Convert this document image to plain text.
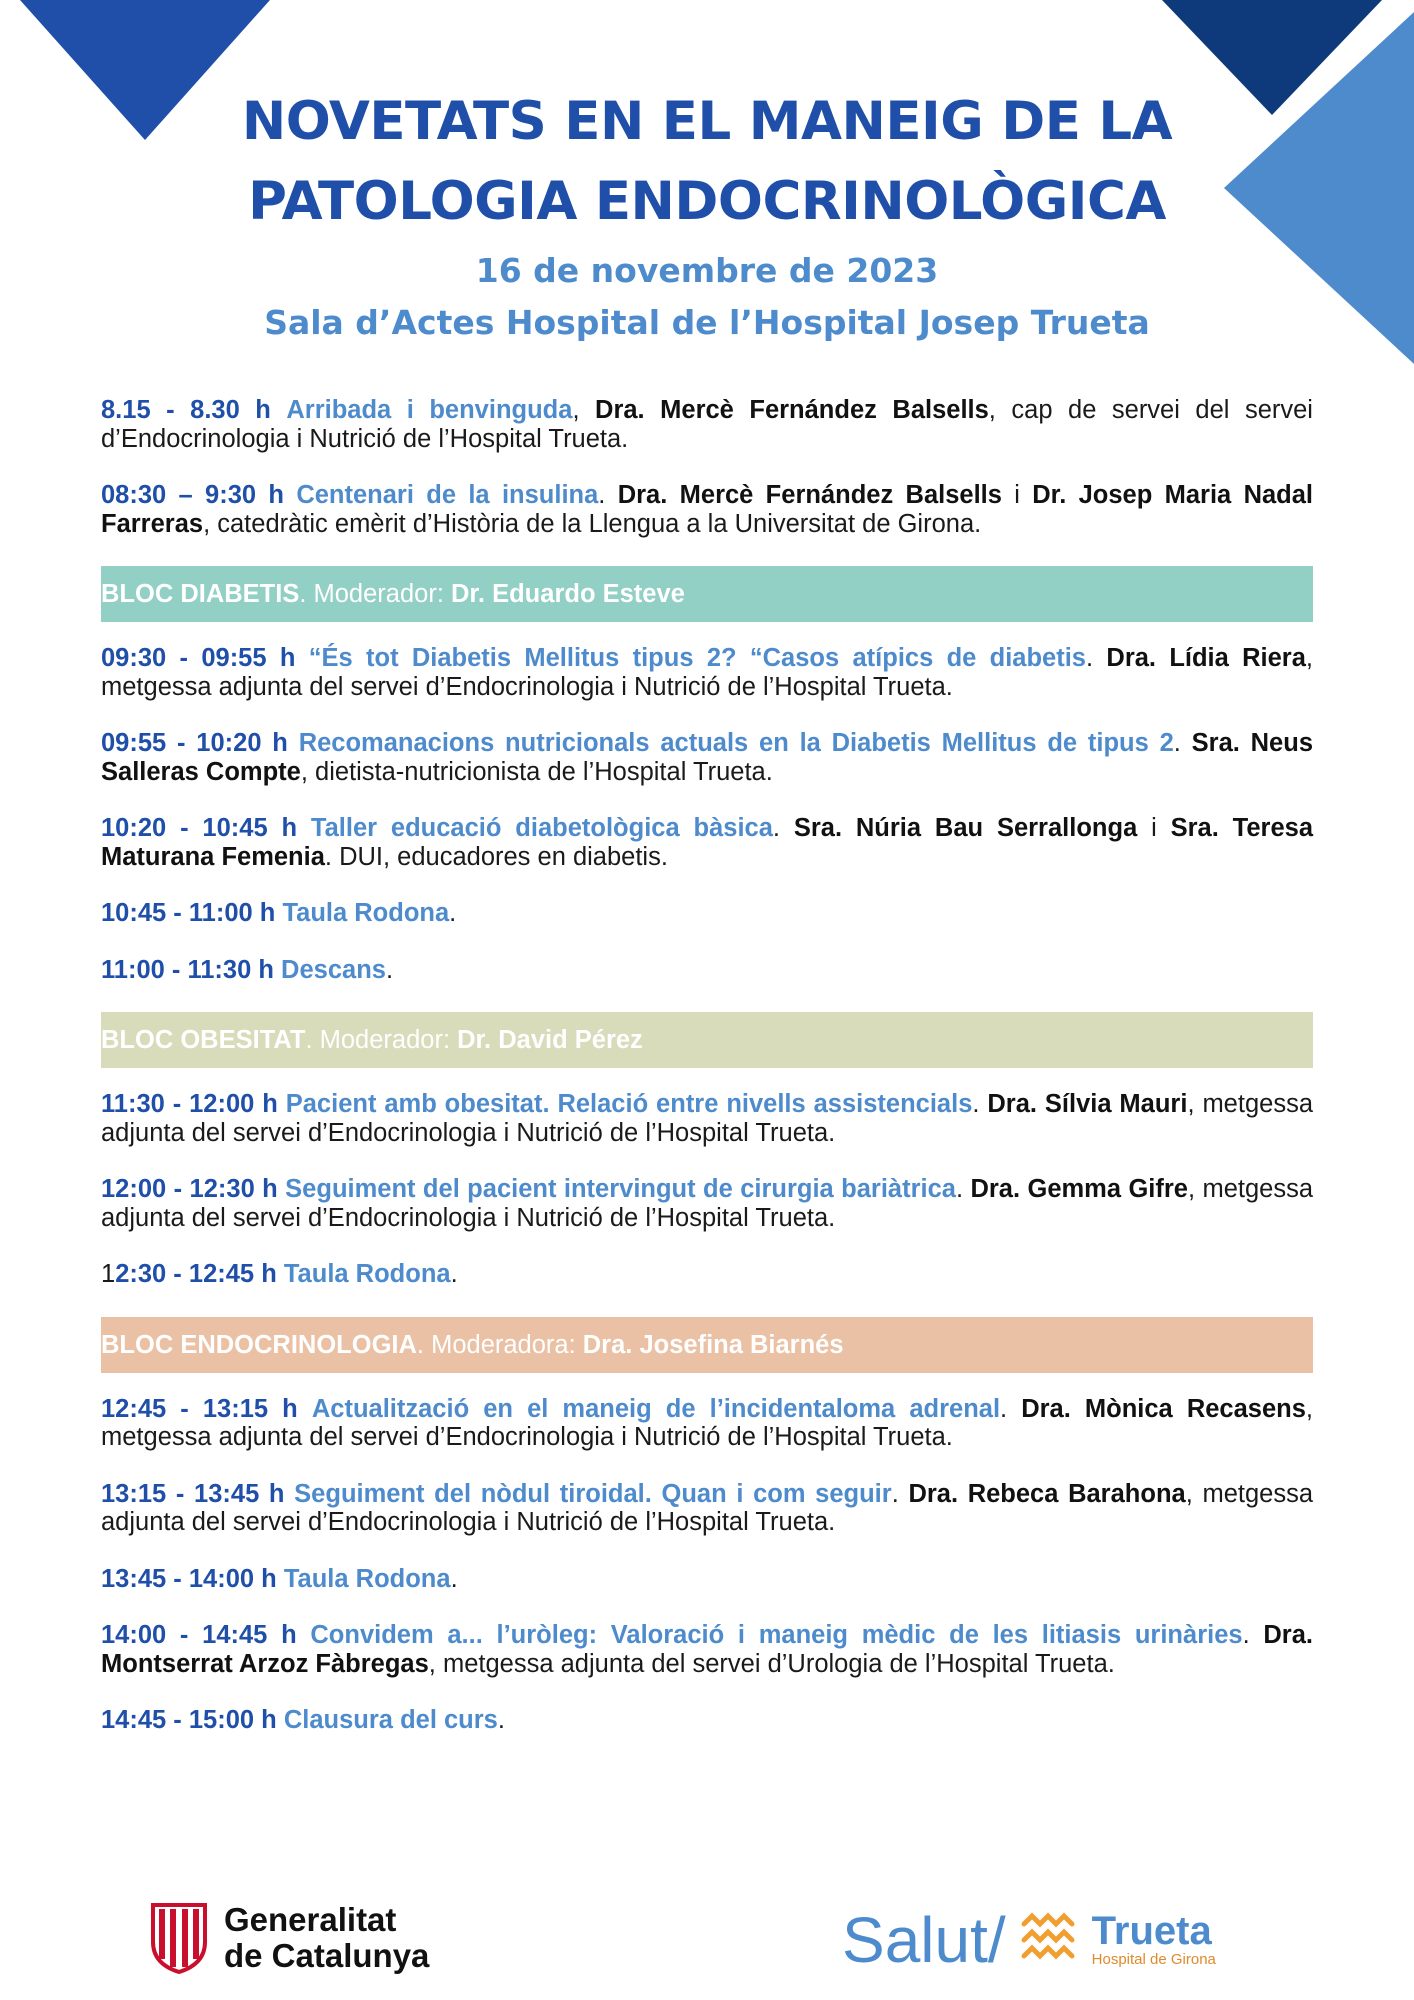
NOVETATS EN EL MANEIG DE LA
PATOLOGIA ENDOCRINOLÒGICA
16 de novembre de 2023
Sala d’Actes Hospital de l’Hospital Josep Trueta

8.15 - 8.30 h Arribada i benvinguda, Dra. Mercè Fernández Balsells, cap de servei del servei d’Endocrinologia i Nutrició de l’Hospital Trueta.

08:30 – 9:30 h Centenari de la insulina. Dra. Mercè Fernández Balsells i Dr. Josep Maria Nadal Farreras, catedràtic emèrit d’Història de la Llengua a la Universitat de Girona.

BLOC DIABETIS. Moderador: Dr. Eduardo Esteve

09:30 - 09:55 h “És tot Diabetis Mellitus tipus 2? “Casos atípics de diabetis. Dra. Lídia Riera, metgessa adjunta del servei d’Endocrinologia i Nutrició de l’Hospital Trueta.

09:55 - 10:20 h Recomanacions nutricionals actuals en la Diabetis Mellitus de tipus 2. Sra. Neus Salleras Compte, dietista-nutricionista de l’Hospital Trueta.

10:20 - 10:45 h Taller educació diabetològica bàsica. Sra. Núria Bau Serrallonga i Sra. Teresa Maturana Femenia. DUI, educadores en diabetis.

10:45 - 11:00 h Taula Rodona.

11:00 - 11:30 h Descans.

BLOC OBESITAT. Moderador: Dr. David Pérez

11:30 - 12:00 h Pacient amb obesitat. Relació entre nivells assistencials. Dra. Sílvia Mauri, metgessa adjunta del servei d’Endocrinologia i Nutrició de l’Hospital Trueta.

12:00 - 12:30 h Seguiment del pacient intervingut de cirurgia bariàtrica. Dra. Gemma Gifre, metgessa adjunta del servei d’Endocrinologia i Nutrició de l’Hospital Trueta.

12:30 - 12:45 h Taula Rodona.

BLOC ENDOCRINOLOGIA. Moderadora: Dra. Josefina Biarnés

12:45 - 13:15 h Actualització en el maneig de l’incidentaloma adrenal. Dra. Mònica Recasens, metgessa adjunta del servei d’Endocrinologia i Nutrició de l’Hospital Trueta.

13:15 - 13:45 h Seguiment del nòdul tiroidal. Quan i com seguir. Dra. Rebeca Barahona, metgessa adjunta del servei d’Endocrinologia i Nutrició de l’Hospital Trueta.

13:45 - 14:00 h Taula Rodona.

14:00 - 14:45 h Convidem a... l’uròleg: Valoració i maneig mèdic de les litiasis urinàries. Dra. Montserrat Arzoz Fàbregas, metgessa adjunta del servei d’Urologia de l’Hospital Trueta.

14:45 - 15:00 h Clausura del curs.

Generalitat
de Catalunya	Salut/ Trueta
Hospital de Girona
